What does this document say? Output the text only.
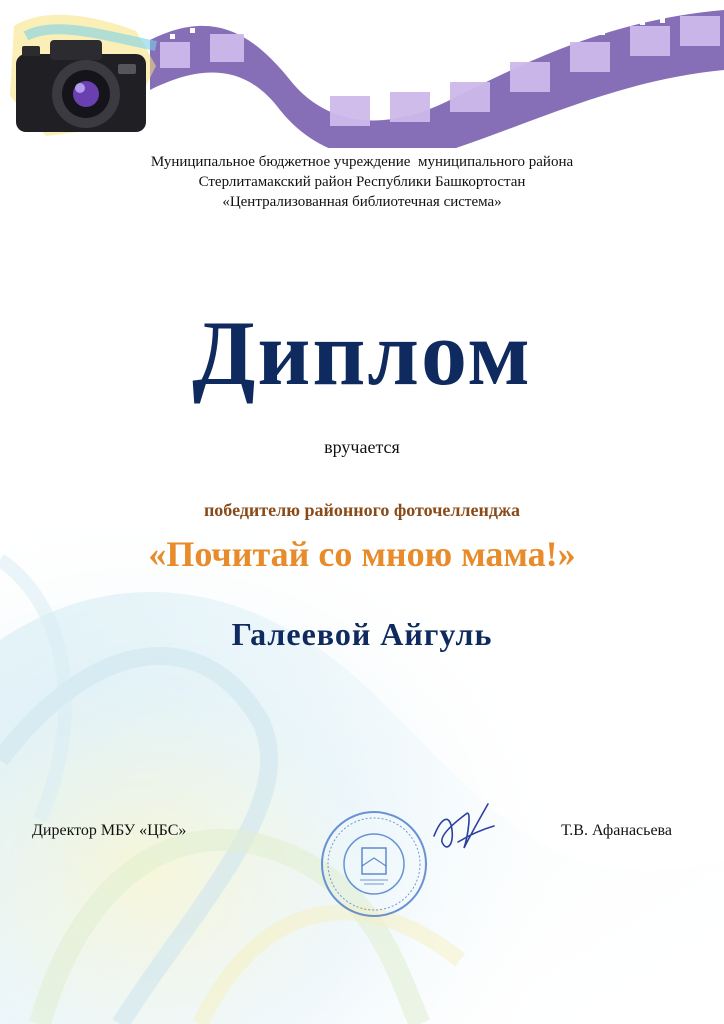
Муниципальное бюджетное учреждение  муниципального района
Стерлитамакский район Республики Башкортостан
«Централизованная библиотечная система»
Диплом
вручается
победителю районного фоточелленджа
«Почитай со мною мама!»
Галеевой Айгуль
Директор МБУ «ЦБС»	Т.В. Афанасьева
